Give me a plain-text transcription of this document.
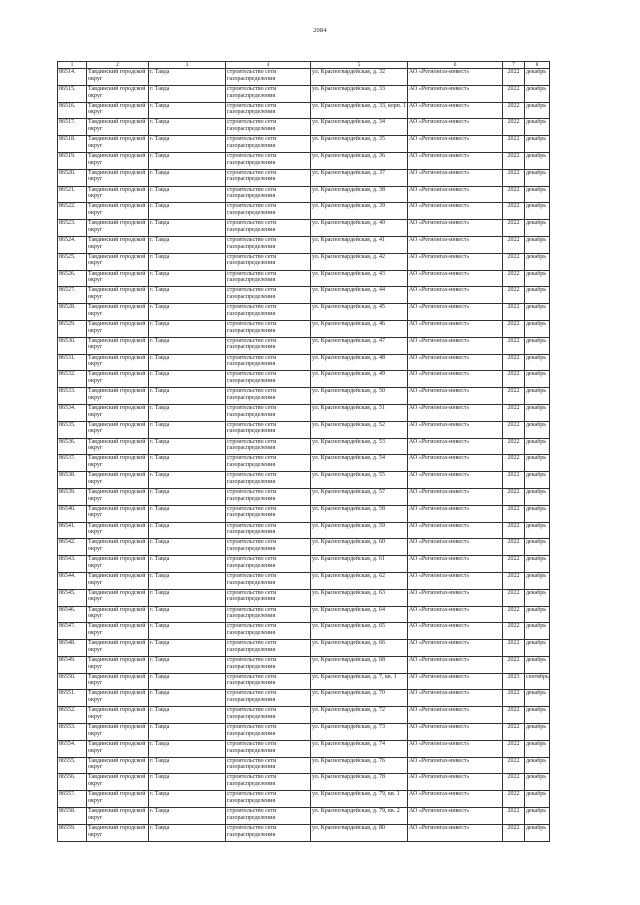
2084
1	2	3	4	5	6	7	8
86514.	Тавдинский городской округ	г. Тавда	строительство сети газораспределения	ул. Красногвардейская, д. 32	АО «Регионгаз-инвест»	2022	декабрь
86515.	Тавдинский городской округ	г. Тавда	строительство сети газораспределения	ул. Красногвардейская, д. 33	АО «Регионгаз-инвест»	2022	декабрь
86516.	Тавдинский городской округ	г. Тавда	строительство сети газораспределения	ул. Красногвардейская, д. 33, корп. 1	АО «Регионгаз-инвест»	2022	декабрь
86517.	Тавдинский городской округ	г. Тавда	строительство сети газораспределения	ул. Красногвардейская, д. 34	АО «Регионгаз-инвест»	2022	декабрь
86518.	Тавдинский городской округ	г. Тавда	строительство сети газораспределения	ул. Красногвардейская, д. 35	АО «Регионгаз-инвест»	2022	декабрь
86519.	Тавдинский городской округ	г. Тавда	строительство сети газораспределения	ул. Красногвардейская, д. 36	АО «Регионгаз-инвест»	2022	декабрь
86520.	Тавдинский городской округ	г. Тавда	строительство сети газораспределения	ул. Красногвардейская, д. 37	АО «Регионгаз-инвест»	2022	декабрь
86521.	Тавдинский городской округ	г. Тавда	строительство сети газораспределения	ул. Красногвардейская, д. 38	АО «Регионгаз-инвест»	2022	декабрь
86522.	Тавдинский городской округ	г. Тавда	строительство сети газораспределения	ул. Красногвардейская, д. 39	АО «Регионгаз-инвест»	2022	декабрь
86523.	Тавдинский городской округ	г. Тавда	строительство сети газораспределения	ул. Красногвардейская, д. 40	АО «Регионгаз-инвест»	2022	декабрь
86524.	Тавдинский городской округ	г. Тавда	строительство сети газораспределения	ул. Красногвардейская, д. 41	АО «Регионгаз-инвест»	2022	декабрь
86525.	Тавдинский городской округ	г. Тавда	строительство сети газораспределения	ул. Красногвардейская, д. 42	АО «Регионгаз-инвест»	2022	декабрь
86526.	Тавдинский городской округ	г. Тавда	строительство сети газораспределения	ул. Красногвардейская, д. 43	АО «Регионгаз-инвест»	2022	декабрь
86527.	Тавдинский городской округ	г. Тавда	строительство сети газораспределения	ул. Красногвардейская, д. 44	АО «Регионгаз-инвест»	2022	декабрь
86528.	Тавдинский городской округ	г. Тавда	строительство сети газораспределения	ул. Красногвардейская, д. 45	АО «Регионгаз-инвест»	2022	декабрь
86529.	Тавдинский городской округ	г. Тавда	строительство сети газораспределения	ул. Красногвардейская, д. 46	АО «Регионгаз-инвест»	2022	декабрь
86530.	Тавдинский городской округ	г. Тавда	строительство сети газораспределения	ул. Красногвардейская, д. 47	АО «Регионгаз-инвест»	2022	декабрь
86531.	Тавдинский городской округ	г. Тавда	строительство сети газораспределения	ул. Красногвардейская, д. 48	АО «Регионгаз-инвест»	2022	декабрь
86532.	Тавдинский городской округ	г. Тавда	строительство сети газораспределения	ул. Красногвардейская, д. 49	АО «Регионгаз-инвест»	2022	декабрь
86533.	Тавдинский городской округ	г. Тавда	строительство сети газораспределения	ул. Красногвардейская, д. 50	АО «Регионгаз-инвест»	2022	декабрь
86534.	Тавдинский городской округ	г. Тавда	строительство сети газораспределения	ул. Красногвардейская, д. 51	АО «Регионгаз-инвест»	2022	декабрь
86535.	Тавдинский городской округ	г. Тавда	строительство сети газораспределения	ул. Красногвардейская, д. 52	АО «Регионгаз-инвест»	2022	декабрь
86536.	Тавдинский городской округ	г. Тавда	строительство сети газораспределения	ул. Красногвардейская, д. 53	АО «Регионгаз-инвест»	2022	декабрь
86537.	Тавдинский городской округ	г. Тавда	строительство сети газораспределения	ул. Красногвардейская, д. 54	АО «Регионгаз-инвест»	2022	декабрь
86538.	Тавдинский городской округ	г. Тавда	строительство сети газораспределения	ул. Красногвардейская, д. 55	АО «Регионгаз-инвест»	2022	декабрь
86539.	Тавдинский городской округ	г. Тавда	строительство сети газораспределения	ул. Красногвардейская, д. 57	АО «Регионгаз-инвест»	2022	декабрь
86540.	Тавдинский городской округ	г. Тавда	строительство сети газораспределения	ул. Красногвардейская, д. 58	АО «Регионгаз-инвест»	2022	декабрь
86541.	Тавдинский городской округ	г. Тавда	строительство сети газораспределения	ул. Красногвардейская, д. 59	АО «Регионгаз-инвест»	2022	декабрь
86542.	Тавдинский городской округ	г. Тавда	строительство сети газораспределения	ул. Красногвардейская, д. 60	АО «Регионгаз-инвест»	2022	декабрь
86543.	Тавдинский городской округ	г. Тавда	строительство сети газораспределения	ул. Красногвардейская, д. 61	АО «Регионгаз-инвест»	2022	декабрь
86544.	Тавдинский городской округ	г. Тавда	строительство сети газораспределения	ул. Красногвардейская, д. 62	АО «Регионгаз-инвест»	2022	декабрь
86545.	Тавдинский городской округ	г. Тавда	строительство сети газораспределения	ул. Красногвардейская, д. 63	АО «Регионгаз-инвест»	2022	декабрь
86546.	Тавдинский городской округ	г. Тавда	строительство сети газораспределения	ул. Красногвардейская, д. 64	АО «Регионгаз-инвест»	2022	декабрь
86547.	Тавдинский городской округ	г. Тавда	строительство сети газораспределения	ул. Красногвардейская, д. 65	АО «Регионгаз-инвест»	2022	декабрь
86548.	Тавдинский городской округ	г. Тавда	строительство сети газораспределения	ул. Красногвардейская, д. 66	АО «Регионгаз-инвест»	2022	декабрь
86549.	Тавдинский городской округ	г. Тавда	строительство сети газораспределения	ул. Красногвардейская, д. 68	АО «Регионгаз-инвест»	2022	декабрь
86550.	Тавдинский городской округ	г. Тавда	строительство сети газораспределения	ул. Красногвардейская, д. 7, кв. 1	АО «Регионгаз-инвест»	2023	сентябрь
86551.	Тавдинский городской округ	г. Тавда	строительство сети газораспределения	ул. Красногвардейская, д. 70	АО «Регионгаз-инвест»	2022	декабрь
86552.	Тавдинский городской округ	г. Тавда	строительство сети газораспределения	ул. Красногвардейская, д. 72	АО «Регионгаз-инвест»	2022	декабрь
86553.	Тавдинский городской округ	г. Тавда	строительство сети газораспределения	ул. Красногвардейская, д. 73	АО «Регионгаз-инвест»	2022	декабрь
86554.	Тавдинский городской округ	г. Тавда	строительство сети газораспределения	ул. Красногвардейская, д. 74	АО «Регионгаз-инвест»	2022	декабрь
86555.	Тавдинский городской округ	г. Тавда	строительство сети газораспределения	ул. Красногвардейская, д. 76	АО «Регионгаз-инвест»	2022	декабрь
86556.	Тавдинский городской округ	г. Тавда	строительство сети газораспределения	ул. Красногвардейская, д. 78	АО «Регионгаз-инвест»	2022	декабрь
86557.	Тавдинский городской округ	г. Тавда	строительство сети газораспределения	ул. Красногвардейская, д. 79, кв. 1	АО «Регионгаз-инвест»	2022	декабрь
86558.	Тавдинский городской округ	г. Тавда	строительство сети газораспределения	ул. Красногвардейская, д. 79, кв. 2	АО «Регионгаз-инвест»	2022	декабрь
86559.	Тавдинский городской округ	г. Тавда	строительство сети газораспределения	ул. Красногвардейская, д. 80	АО «Регионгаз-инвест»	2022	декабрь
